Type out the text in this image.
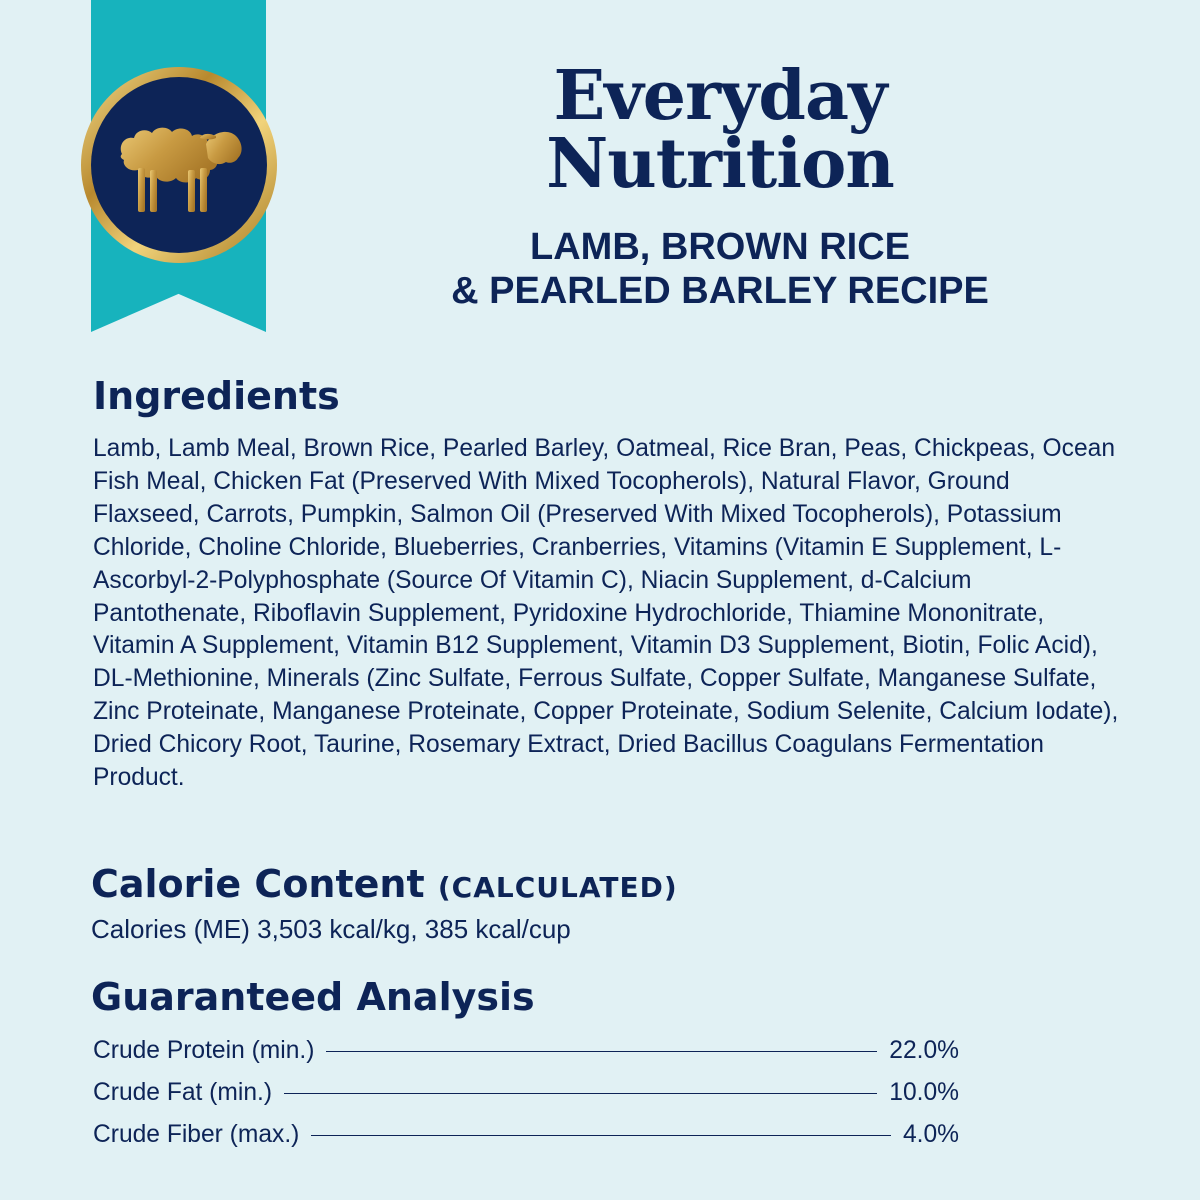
Everyday
Nutrition
LAMB, BROWN RICE
& PEARLED BARLEY RECIPE
Ingredients

Lamb, Lamb Meal, Brown Rice, Pearled Barley, Oatmeal, Rice Bran, Peas, Chickpeas, Ocean Fish Meal, Chicken Fat (Preserved With Mixed Tocopherols), Natural Flavor, Ground Flaxseed, Carrots, Pumpkin, Salmon Oil (Preserved With Mixed Tocopherols), Potassium Chloride, Choline Chloride, Blueberries, Cranberries, Vitamins (Vitamin E Supplement, L-Ascorbyl-2-Polyphosphate (Source Of Vitamin C), Niacin Supplement, d-Calcium Pantothenate, Riboflavin Supplement, Pyridoxine Hydrochloride, Thiamine Mononitrate, Vitamin A Supplement, Vitamin B12 Supplement, Vitamin D3 Supplement, Biotin, Folic Acid), DL-Methionine, Minerals (Zinc Sulfate, Ferrous Sulfate, Copper Sulfate, Manganese Sulfate, Zinc Proteinate, Manganese Proteinate, Copper Proteinate, Sodium Selenite, Calcium Iodate), Dried Chicory Root, Taurine, Rosemary Extract, Dried Bacillus Coagulans Fermentation Product.

Calorie Content (CALCULATED)

Calories (ME) 3,503 kcal/kg, 385 kcal/cup

Guaranteed Analysis
Crude Protein (min.)	22.0%
Crude Fat (min.)	10.0%
Crude Fiber (max.)	4.0%
